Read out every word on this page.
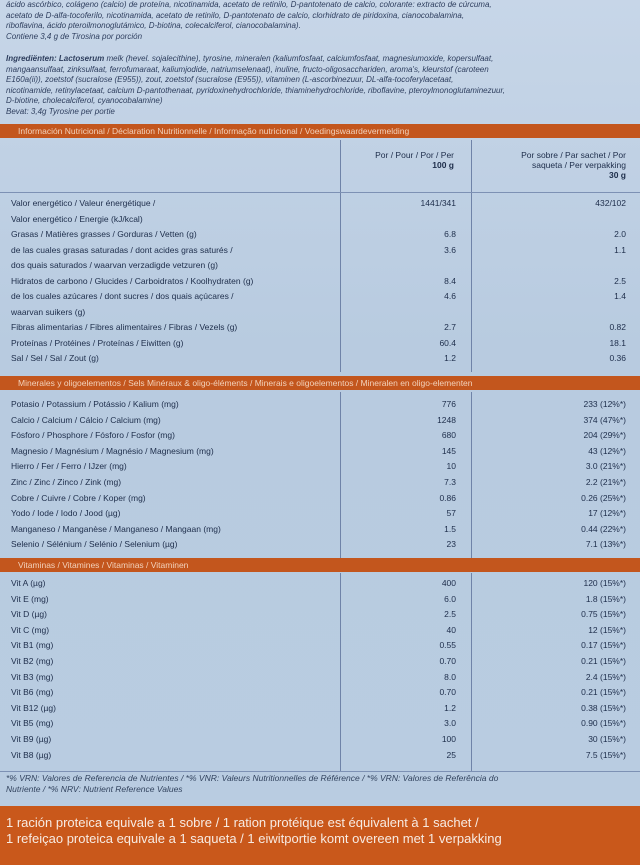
ácido ascórbico, colágeno (calcio) de proteína, nicotinamida, acetato de retinilo, D-pantotenato de calcio, colorante: extracto de cúrcuma,

acetato de D-alfa-tocoferilo, nicotinamida, acetato de retinilo, D-pantotenato de calcio, clorhidrato de piridoxina, cianocobalamina,

riboflavina, ácido pteroilmonoglutámico, D-biotina, colecalciferol, cianocobalamina).

Contiene 3,4 g de Tirosina por porción

Ingrediënten: Lactoserum melk (hevel. sojalecithine), tyrosine, mineralen (kaliumfosfaat, calciumfosfaat, magnesiumoxide, kopersulfaat,

mangaansulfaat, zinksulfaat, ferrofumaraat, kaliumjodide, natriumselenaat), inuline, fructo-oligosacchariden, aroma's, kleurstof (caroteen

E160a(ii)), zoetstof (sucralose (E955)), zout, zoetstof (sucralose (E955)), vitaminen (L-ascorbinezuur, DL-alfa-tocoferylacetaat,

nicotinamide, retinylacetaat, calcium D-pantothenaat, pyridoxinehydrochloride, thiaminehydrochloride, riboflavine, pteroylmonoglutaminezuur,

D-biotine, cholecalciferol, cyanocobalamine)

Bevat: 3,4g Tyrosine per portie

Información Nutricional / Déclaration Nutritionnelle / Informação nutricional / Voedingswaardevermelding
Por / Pour / Por / Per
100 g
Por sobre / Par sachet / Por
saqueta / Per verpakking
30 g
Valor energético / Valeur énergétique /	1441/341	432/102
Valor energético / Energie (kJ/kcal)
Grasas / Matières grasses / Gorduras / Vetten (g)	6.8	2.0
de las cuales grasas saturadas / dont acides gras saturés /	3.6	1.1
dos quais saturados / waarvan verzadigde vetzuren (g)
Hidratos de carbono / Glucides / Carboidratos / Koolhydraten (g)	8.4	2.5
de los cuales azúcares / dont sucres / dos quais açúcares /	4.6	1.4
waarvan suikers (g)
Fibras alimentarias / Fibres alimentaires / Fibras / Vezels (g)	2.7	0.82
Proteínas / Protéines / Proteínas / Eiwitten (g)	60.4	18.1
Sal / Sel / Sal / Zout (g)	1.2	0.36
Minerales y oligoelementos / Sels Minéraux & oligo-éléments / Minerais e oligoelementos / Mineralen en oligo-elementen
Potasio / Potassium / Potássio / Kalium (mg)	776	233 (12%*)
Calcio / Calcium / Cálcio / Calcium (mg)	1248	374 (47%*)
Fósforo / Phosphore / Fósforo / Fosfor (mg)	680	204 (29%*)
Magnesio / Magnésium / Magnésio / Magnesium (mg)	145	43 (12%*)
Hierro / Fer / Ferro / IJzer (mg)	10	3.0 (21%*)
Zinc / Zinc / Zinco / Zink (mg)	7.3	2.2 (21%*)
Cobre / Cuivre / Cobre / Koper (mg)	0.86	0.26 (25%*)
Yodo / Iode / Iodo / Jood (µg)	57	17 (12%*)
Manganeso / Manganèse / Manganeso / Mangaan (mg)	1.5	0.44 (22%*)
Selenio / Sélénium / Selénio / Selenium (µg)	23	7.1 (13%*)
Vitaminas / Vitamines / Vitaminas / Vitaminen
Vit A (µg)	400	120 (15%*)
Vit E (mg)	6.0	1.8 (15%*)
Vit D (µg)	2.5	0.75 (15%*)
Vit C (mg)	40	12 (15%*)
Vit B1 (mg)	0.55	0.17 (15%*)
Vit B2 (mg)	0.70	0.21 (15%*)
Vit B3 (mg)	8.0	2.4 (15%*)
Vit B6 (mg)	0.70	0.21 (15%*)
Vit B12 (µg)	1.2	0.38 (15%*)
Vit B5 (mg)	3.0	0.90 (15%*)
Vit B9 (µg)	100	30 (15%*)
Vit B8 (µg)	25	7.5 (15%*)
*% VRN: Valores de Referencia de Nutrientes / *% VNR: Valeurs Nutritionnelles de Référence / *% VRN: Valores de Referência do
Nutriente / *% NRV: Nutrient Reference Values
1 ración proteica equivale a 1 sobre / 1 ration protéique est équivalent à 1 sachet /
1 refeiçao proteica equivale a 1 saqueta / 1 eiwitportie komt overeen met 1 verpakking
